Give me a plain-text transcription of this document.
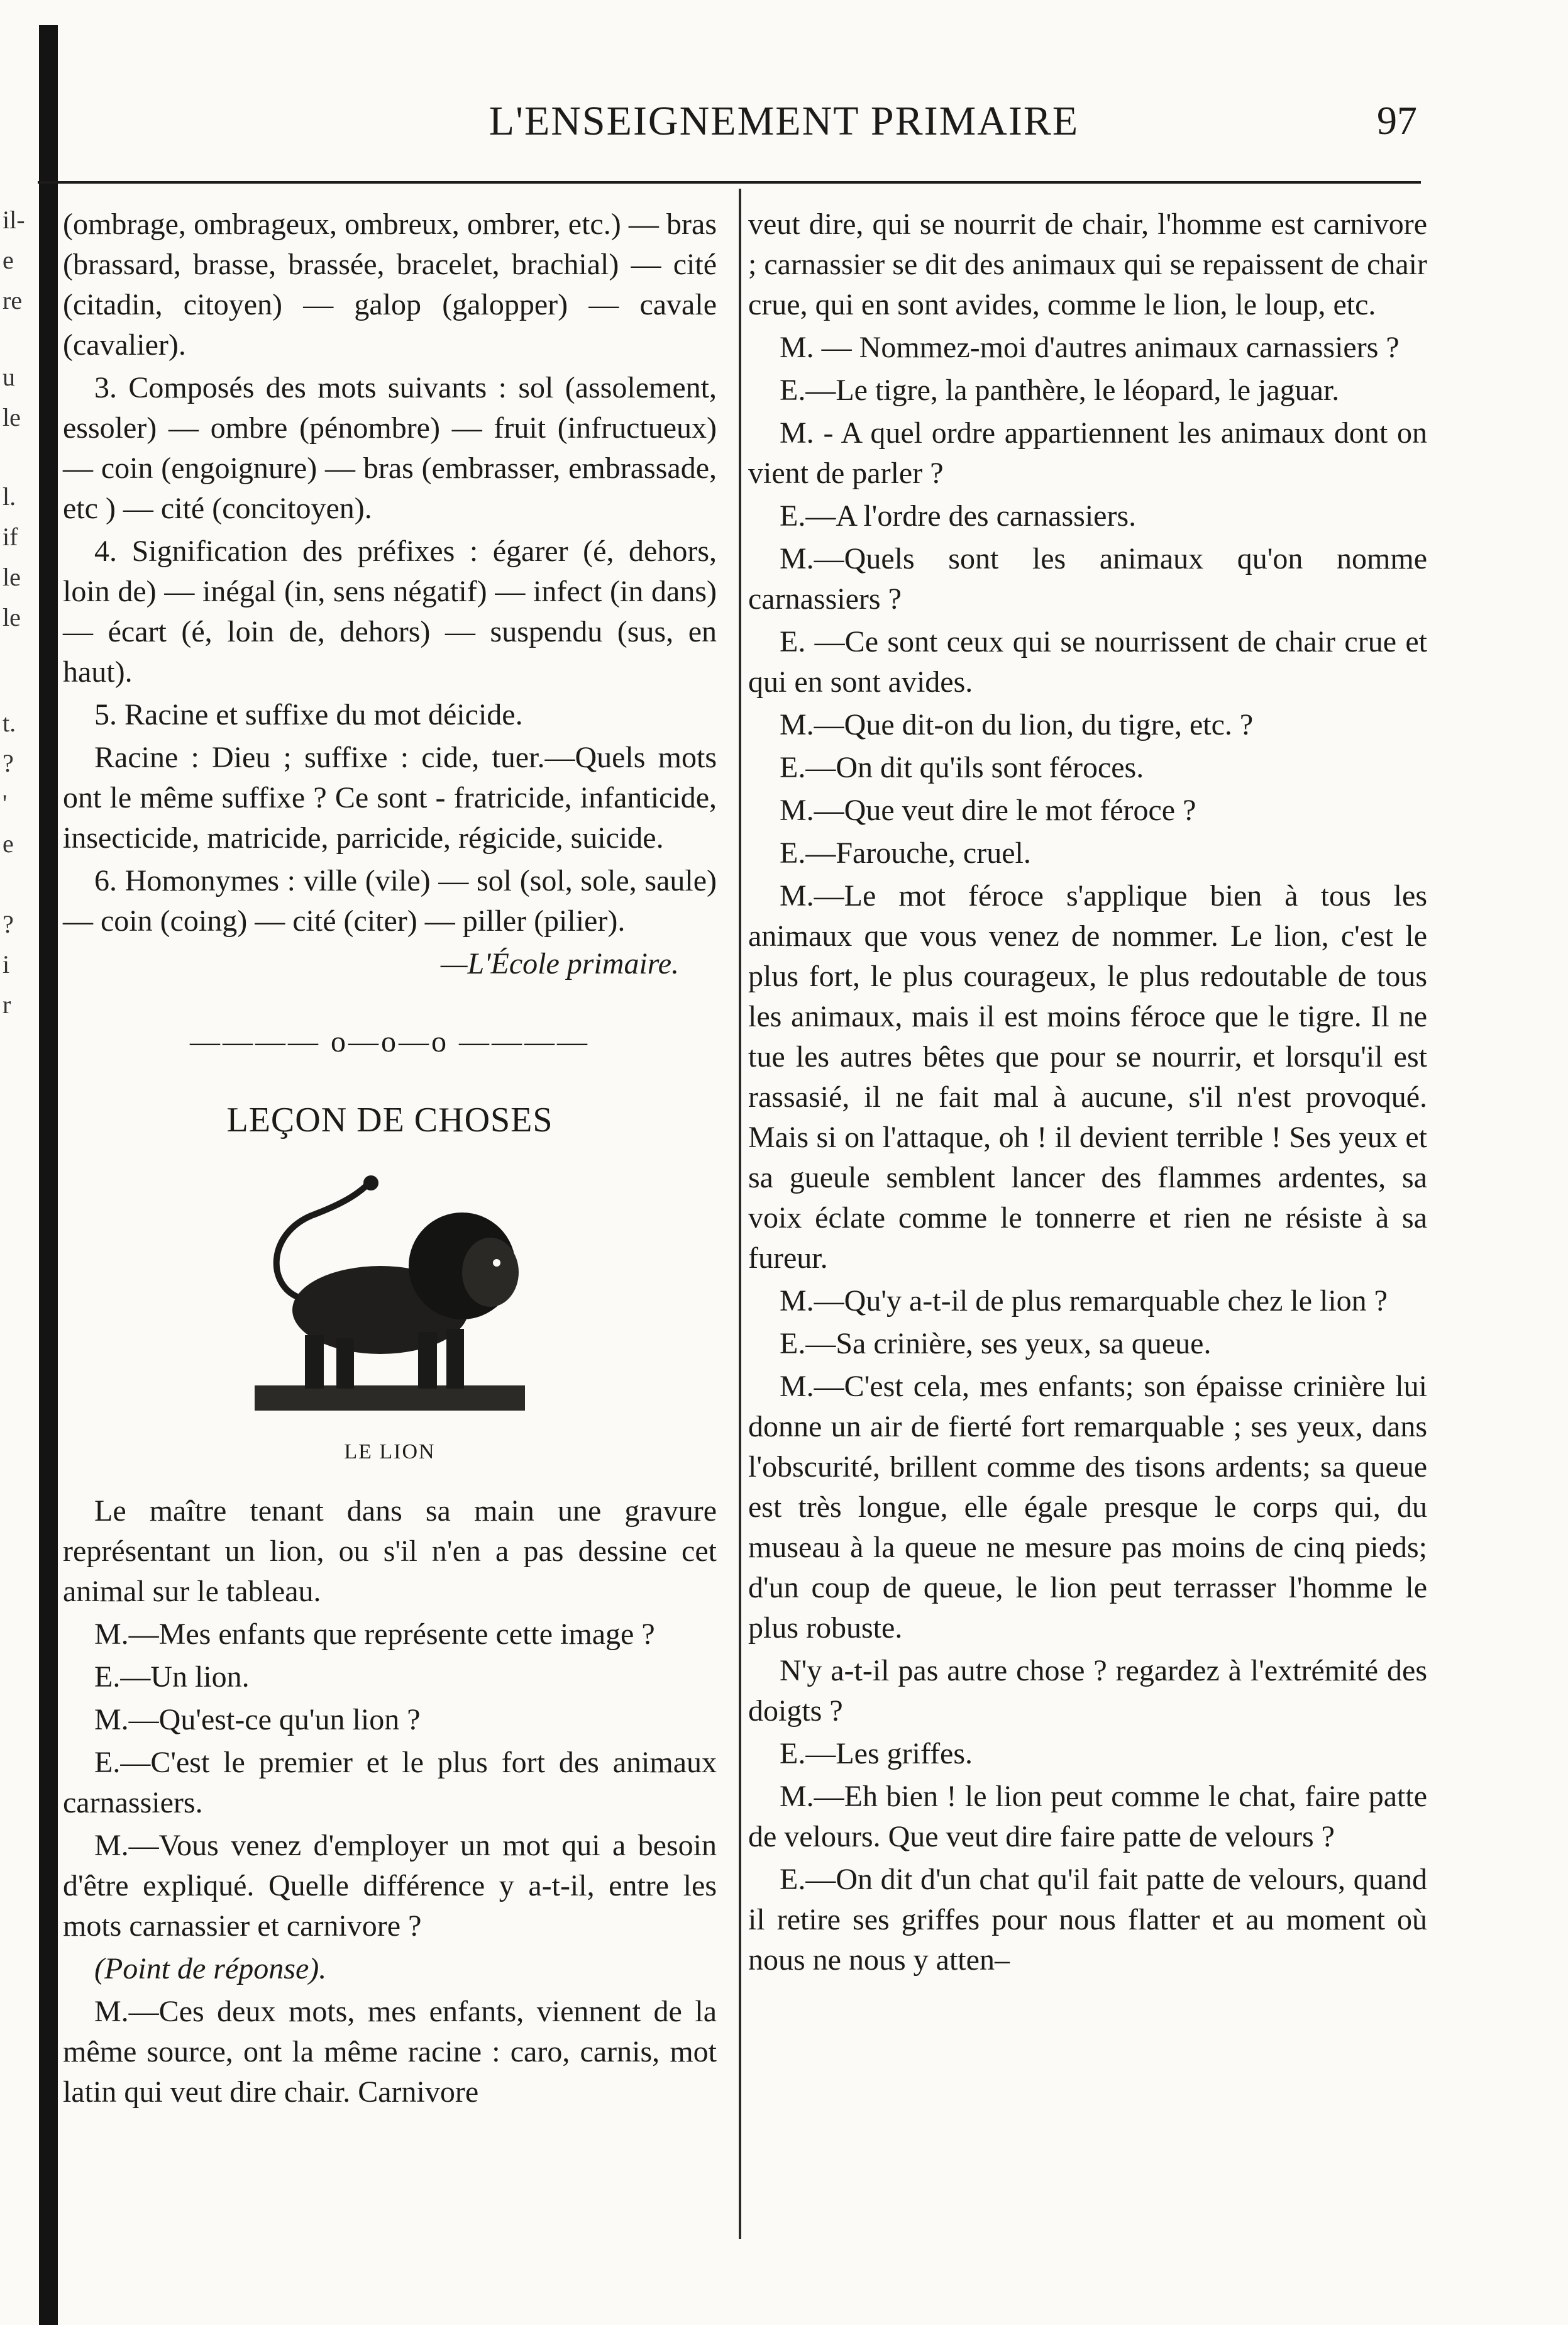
il-
e
re
u
le
l.
if
le
le
t.
?
'
e
?
i
r
L'ENSEIGNEMENT PRIMAIRE	97

(ombrage, ombrageux, ombreux, ombrer, etc.) — bras (brassard, brasse, brassée, bracelet, brachial) — cité (citadin, citoyen) — galop (galopper) — cavale (cavalier).

3. Composés des mots suivants : sol (assolement, essoler) — ombre (pénombre) — fruit (infructueux) — coin (engoignure) — bras (embrasser, embrassade, etc ) — cité (concitoyen).

4. Signification des préfixes : égarer (é, dehors, loin de) — inégal (in, sens négatif) — infect (in dans) — écart (é, loin de, dehors) — suspendu (sus, en haut).

5. Racine et suffixe du mot déicide.

Racine : Dieu ; suffixe : cide, tuer.—Quels mots ont le même suffixe ? Ce sont - fratricide, infanticide, insecticide, matricide, parricide, régicide, suicide.

6. Homonymes : ville (vile) — sol (sol, sole, saule) — coin (coing) — cité (citer) — piller (pilier).

—L'École primaire.

———— o—o—o ————

LEÇON DE CHOSES

LE LION

Le maître tenant dans sa main une gravure représentant un lion, ou s'il n'en a pas dessine cet animal sur le tableau.

M.—Mes enfants que représente cette image ?

E.—Un lion.

M.—Qu'est-ce qu'un lion ?

E.—C'est le premier et le plus fort des animaux carnassiers.

M.—Vous venez d'employer un mot qui a besoin d'être expliqué. Quelle différence y a-t-il, entre les mots carnassier et carnivore ?

(Point de réponse).

M.—Ces deux mots, mes enfants, viennent de la même source, ont la même racine : caro, carnis, mot latin qui veut dire chair. Carnivore

veut dire, qui se nourrit de chair, l'homme est carnivore ; carnassier se dit des animaux qui se repaissent de chair crue, qui en sont avides, comme le lion, le loup, etc.

M. — Nommez-moi d'autres animaux carnassiers ?

E.—Le tigre, la panthère, le léopard, le jaguar.

M. - A quel ordre appartiennent les animaux dont on vient de parler ?

E.—A l'ordre des carnassiers.

M.—Quels sont les animaux qu'on nomme carnassiers ?

E. —Ce sont ceux qui se nourrissent de chair crue et qui en sont avides.

M.—Que dit-on du lion, du tigre, etc. ?

E.—On dit qu'ils sont féroces.

M.—Que veut dire le mot féroce ?

E.—Farouche, cruel.

M.—Le mot féroce s'applique bien à tous les animaux que vous venez de nommer. Le lion, c'est le plus fort, le plus courageux, le plus redoutable de tous les animaux, mais il est moins féroce que le tigre. Il ne tue les autres bêtes que pour se nourrir, et lorsqu'il est rassasié, il ne fait mal à aucune, s'il n'est provoqué. Mais si on l'attaque, oh ! il devient terrible ! Ses yeux et sa gueule semblent lancer des flammes ardentes, sa voix éclate comme le tonnerre et rien ne résiste à sa fureur.

M.—Qu'y a-t-il de plus remarquable chez le lion ?

E.—Sa crinière, ses yeux, sa queue.

M.—C'est cela, mes enfants; son épaisse crinière lui donne un air de fierté fort remarquable ; ses yeux, dans l'obscurité, brillent comme des tisons ardents; sa queue est très longue, elle égale presque le corps qui, du museau à la queue ne mesure pas moins de cinq pieds; d'un coup de queue, le lion peut terrasser l'homme le plus robuste.

N'y a-t-il pas autre chose ? regardez à l'extrémité des doigts ?

E.—Les griffes.

M.—Eh bien ! le lion peut comme le chat, faire patte de velours. Que veut dire faire patte de velours ?

E.—On dit d'un chat qu'il fait patte de velours, quand il retire ses griffes pour nous flatter et au moment où nous ne nous y atten–
